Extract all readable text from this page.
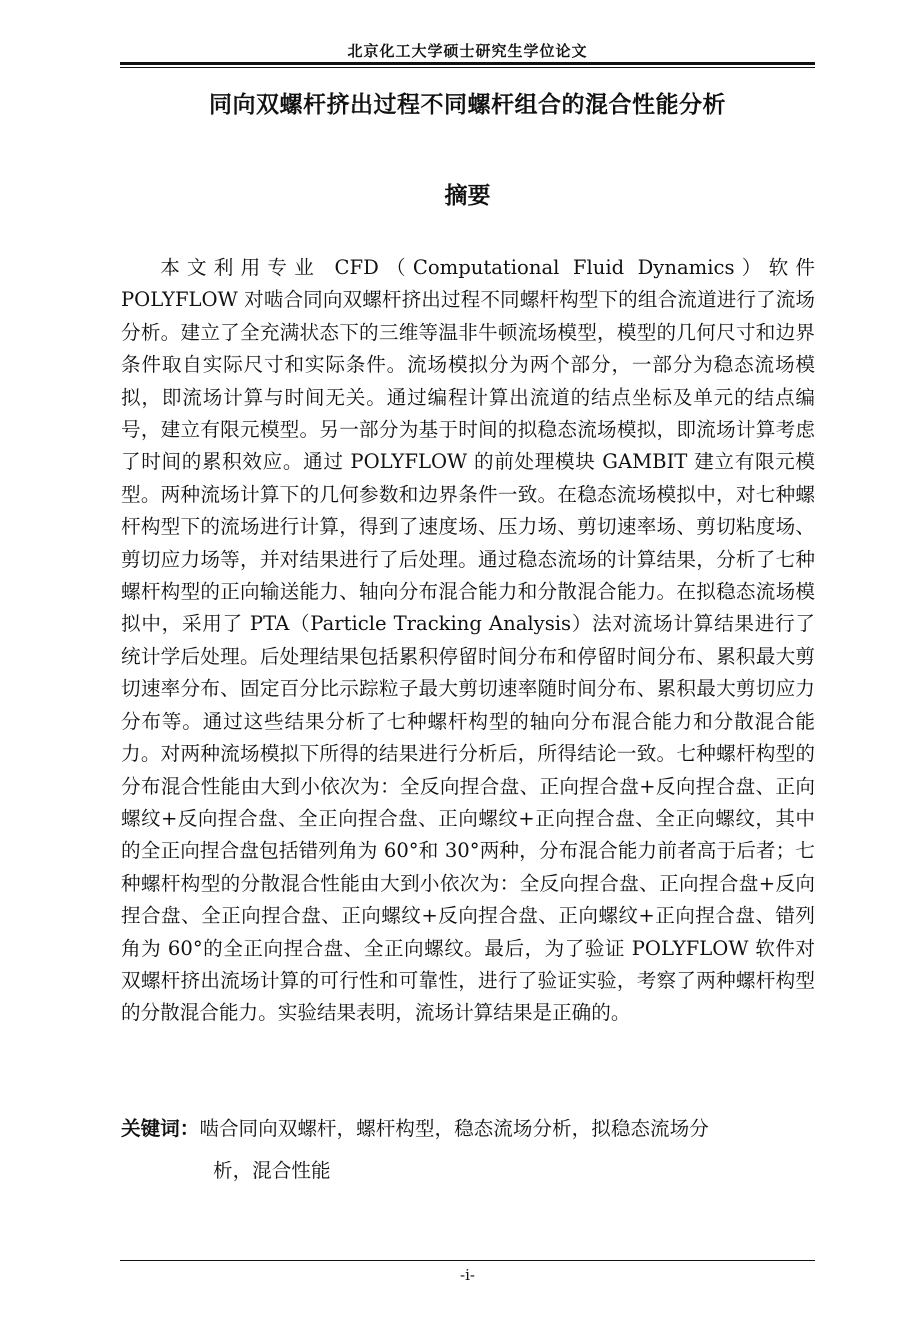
北京化工大学硕士研究生学位论文
同向双螺杆挤出过程不同螺杆组合的混合性能分析
摘要

本文利用专业 CFD（Computational Fluid Dynamics）软件 POLYFLOW 对啮合同向双螺杆挤出过程不同螺杆构型下的组合流道进行了流场分析。建立了全充满状态下的三维等温非牛顿流场模型，模型的几何尺寸和边界条件取自实际尺寸和实际条件。流场模拟分为两个部分，一部分为稳态流场模拟，即流场计算与时间无关。通过编程计算出流道的结点坐标及单元的结点编号，建立有限元模型。另一部分为基于时间的拟稳态流场模拟，即流场计算考虑了时间的累积效应。通过 POLYFLOW 的前处理模块 GAMBIT 建立有限元模型。两种流场计算下的几何参数和边界条件一致。在稳态流场模拟中，对七种螺杆构型下的流场进行计算，得到了速度场、压力场、剪切速率场、剪切粘度场、剪切应力场等，并对结果进行了后处理。通过稳态流场的计算结果，分析了七种螺杆构型的正向输送能力、轴向分布混合能力和分散混合能力。在拟稳态流场模拟中，采用了 PTA（Particle Tracking Analysis）法对流场计算结果进行了统计学后处理。后处理结果包括累积停留时间分布和停留时间分布、累积最大剪切速率分布、固定百分比示踪粒子最大剪切速率随时间分布、累积最大剪切应力分布等。通过这些结果分析了七种螺杆构型的轴向分布混合能力和分散混合能力。对两种流场模拟下所得的结果进行分析后，所得结论一致。七种螺杆构型的分布混合性能由大到小依次为：全反向捏合盘、正向捏合盘+反向捏合盘、正向螺纹+反向捏合盘、全正向捏合盘、正向螺纹+正向捏合盘、全正向螺纹，其中的全正向捏合盘包括错列角为 60°和 30°两种，分布混合能力前者高于后者；七种螺杆构型的分散混合性能由大到小依次为：全反向捏合盘、正向捏合盘+反向捏合盘、全正向捏合盘、正向螺纹+反向捏合盘、正向螺纹+正向捏合盘、错列角为 60°的全正向捏合盘、全正向螺纹。最后，为了验证 POLYFLOW 软件对双螺杆挤出流场计算的可行性和可靠性，进行了验证实验，考察了两种螺杆构型的分散混合能力。实验结果表明，流场计算结果是正确的。

关键词：啮合同向双螺杆，螺杆构型，稳态流场分析，拟稳态流场分
析，混合性能
-i-
